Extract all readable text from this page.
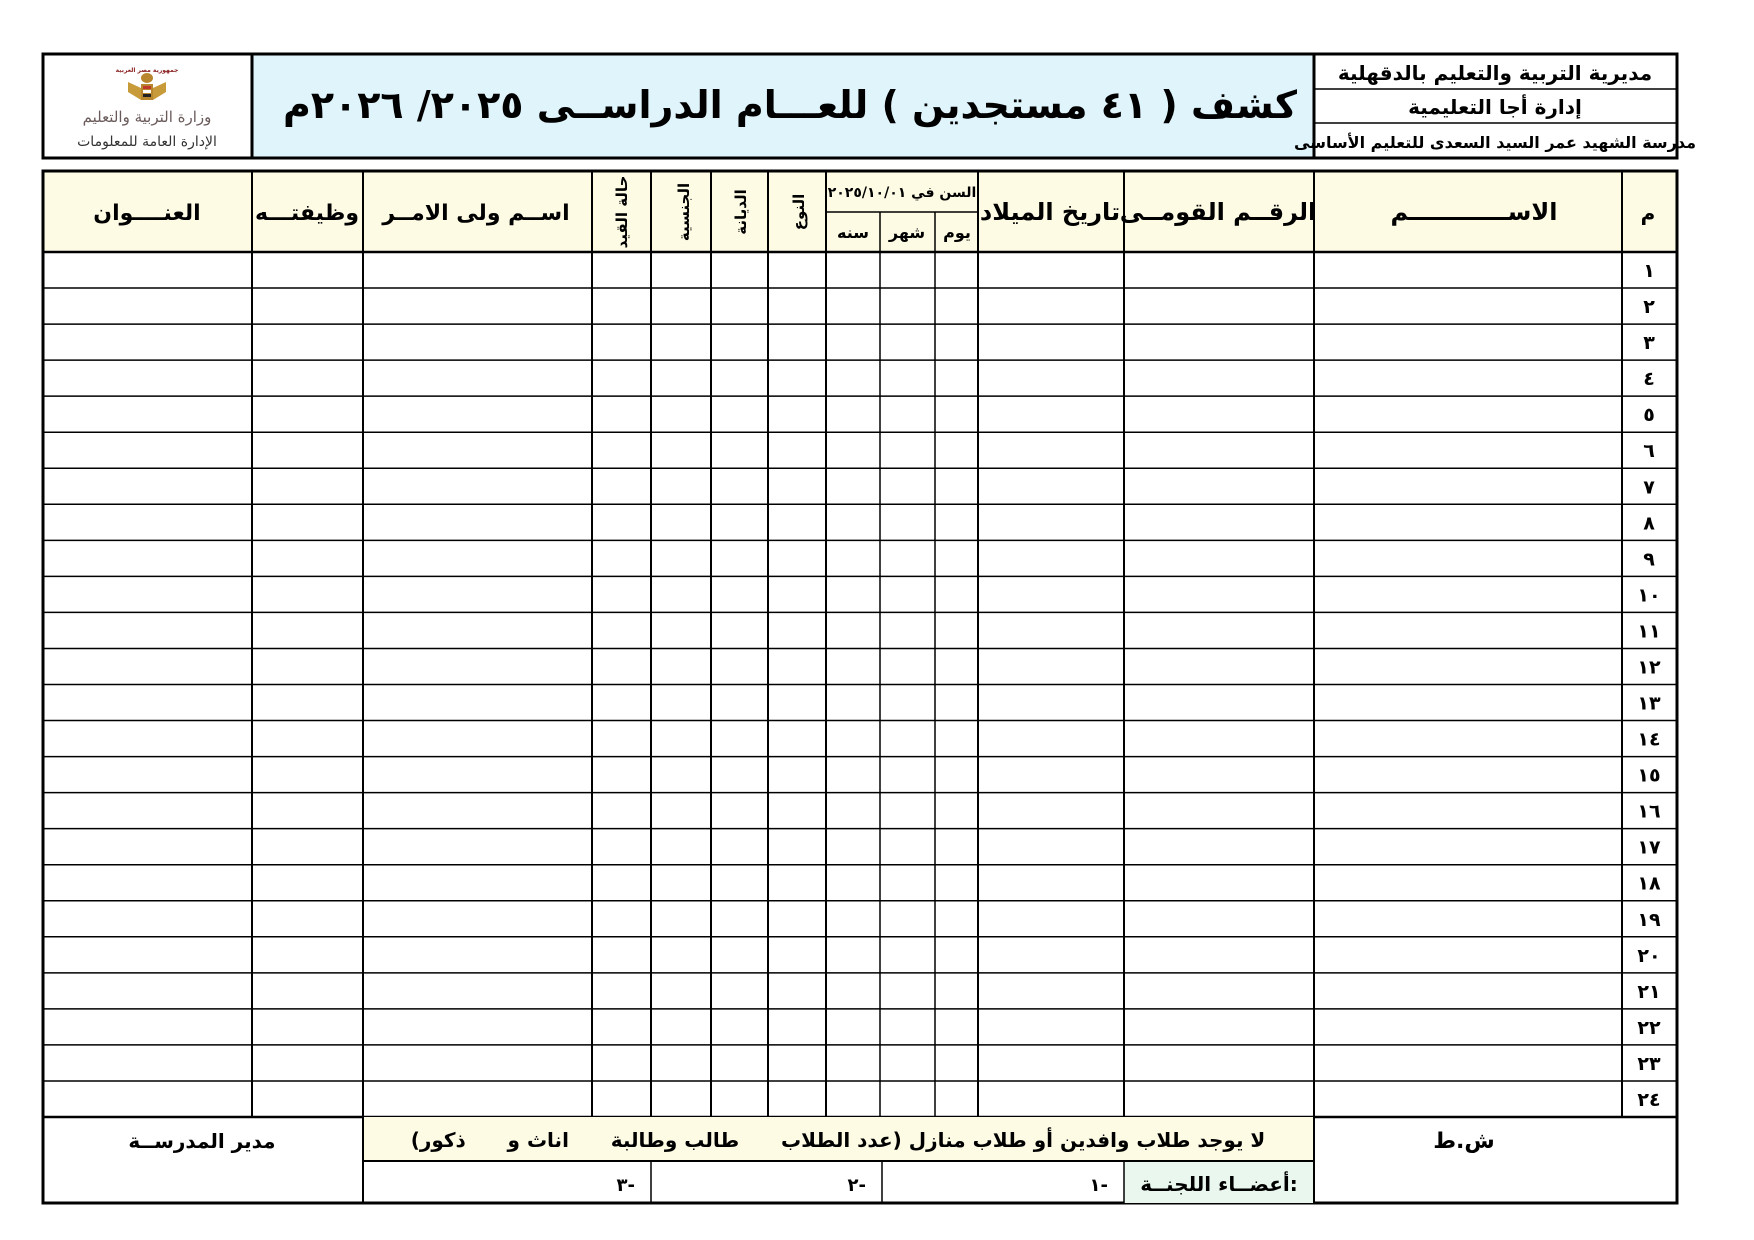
مديرية التربية والتعليم بالدقهلية
إدارة أجا التعليمية
مدرسة الشهيد عمر السيد السعدى للتعليم الأساسى
كشف ( ٤١ مستجدين ) للعـــام الدراســى ٢٠٢٥/ ٢٠٢٦م
جمهورية مصر العربية
وزارة التربية والتعليم
الإدارة العامة للمعلومات
١
٢
٣
٤
٥
٦
٧
٨
٩
١٠
١١
١٢
١٣
١٤
١٥
١٦
١٧
١٨
١٩
٢٠
٢١
٢٢
٢٣
٢٤
م
الاســــــــــــم
الرقــم القومــى
تاريخ الميلاد
السن في ٢٠٢٥/١٠/٠١
يوم
شهر
سنه
النوع
الديانة
الجنسية
حالة القيد
اســم ولى الامــر
وظيفتـــه
العنــــوان
ش.ط
مدير المدرســة	لا يوجد طلاب وافدين أو طلاب منازل (عدد الطلاب      طالب وطالبة      اناث و      ذكور)
أعضــاء اللجنــة:
١-
٢-
٣-
